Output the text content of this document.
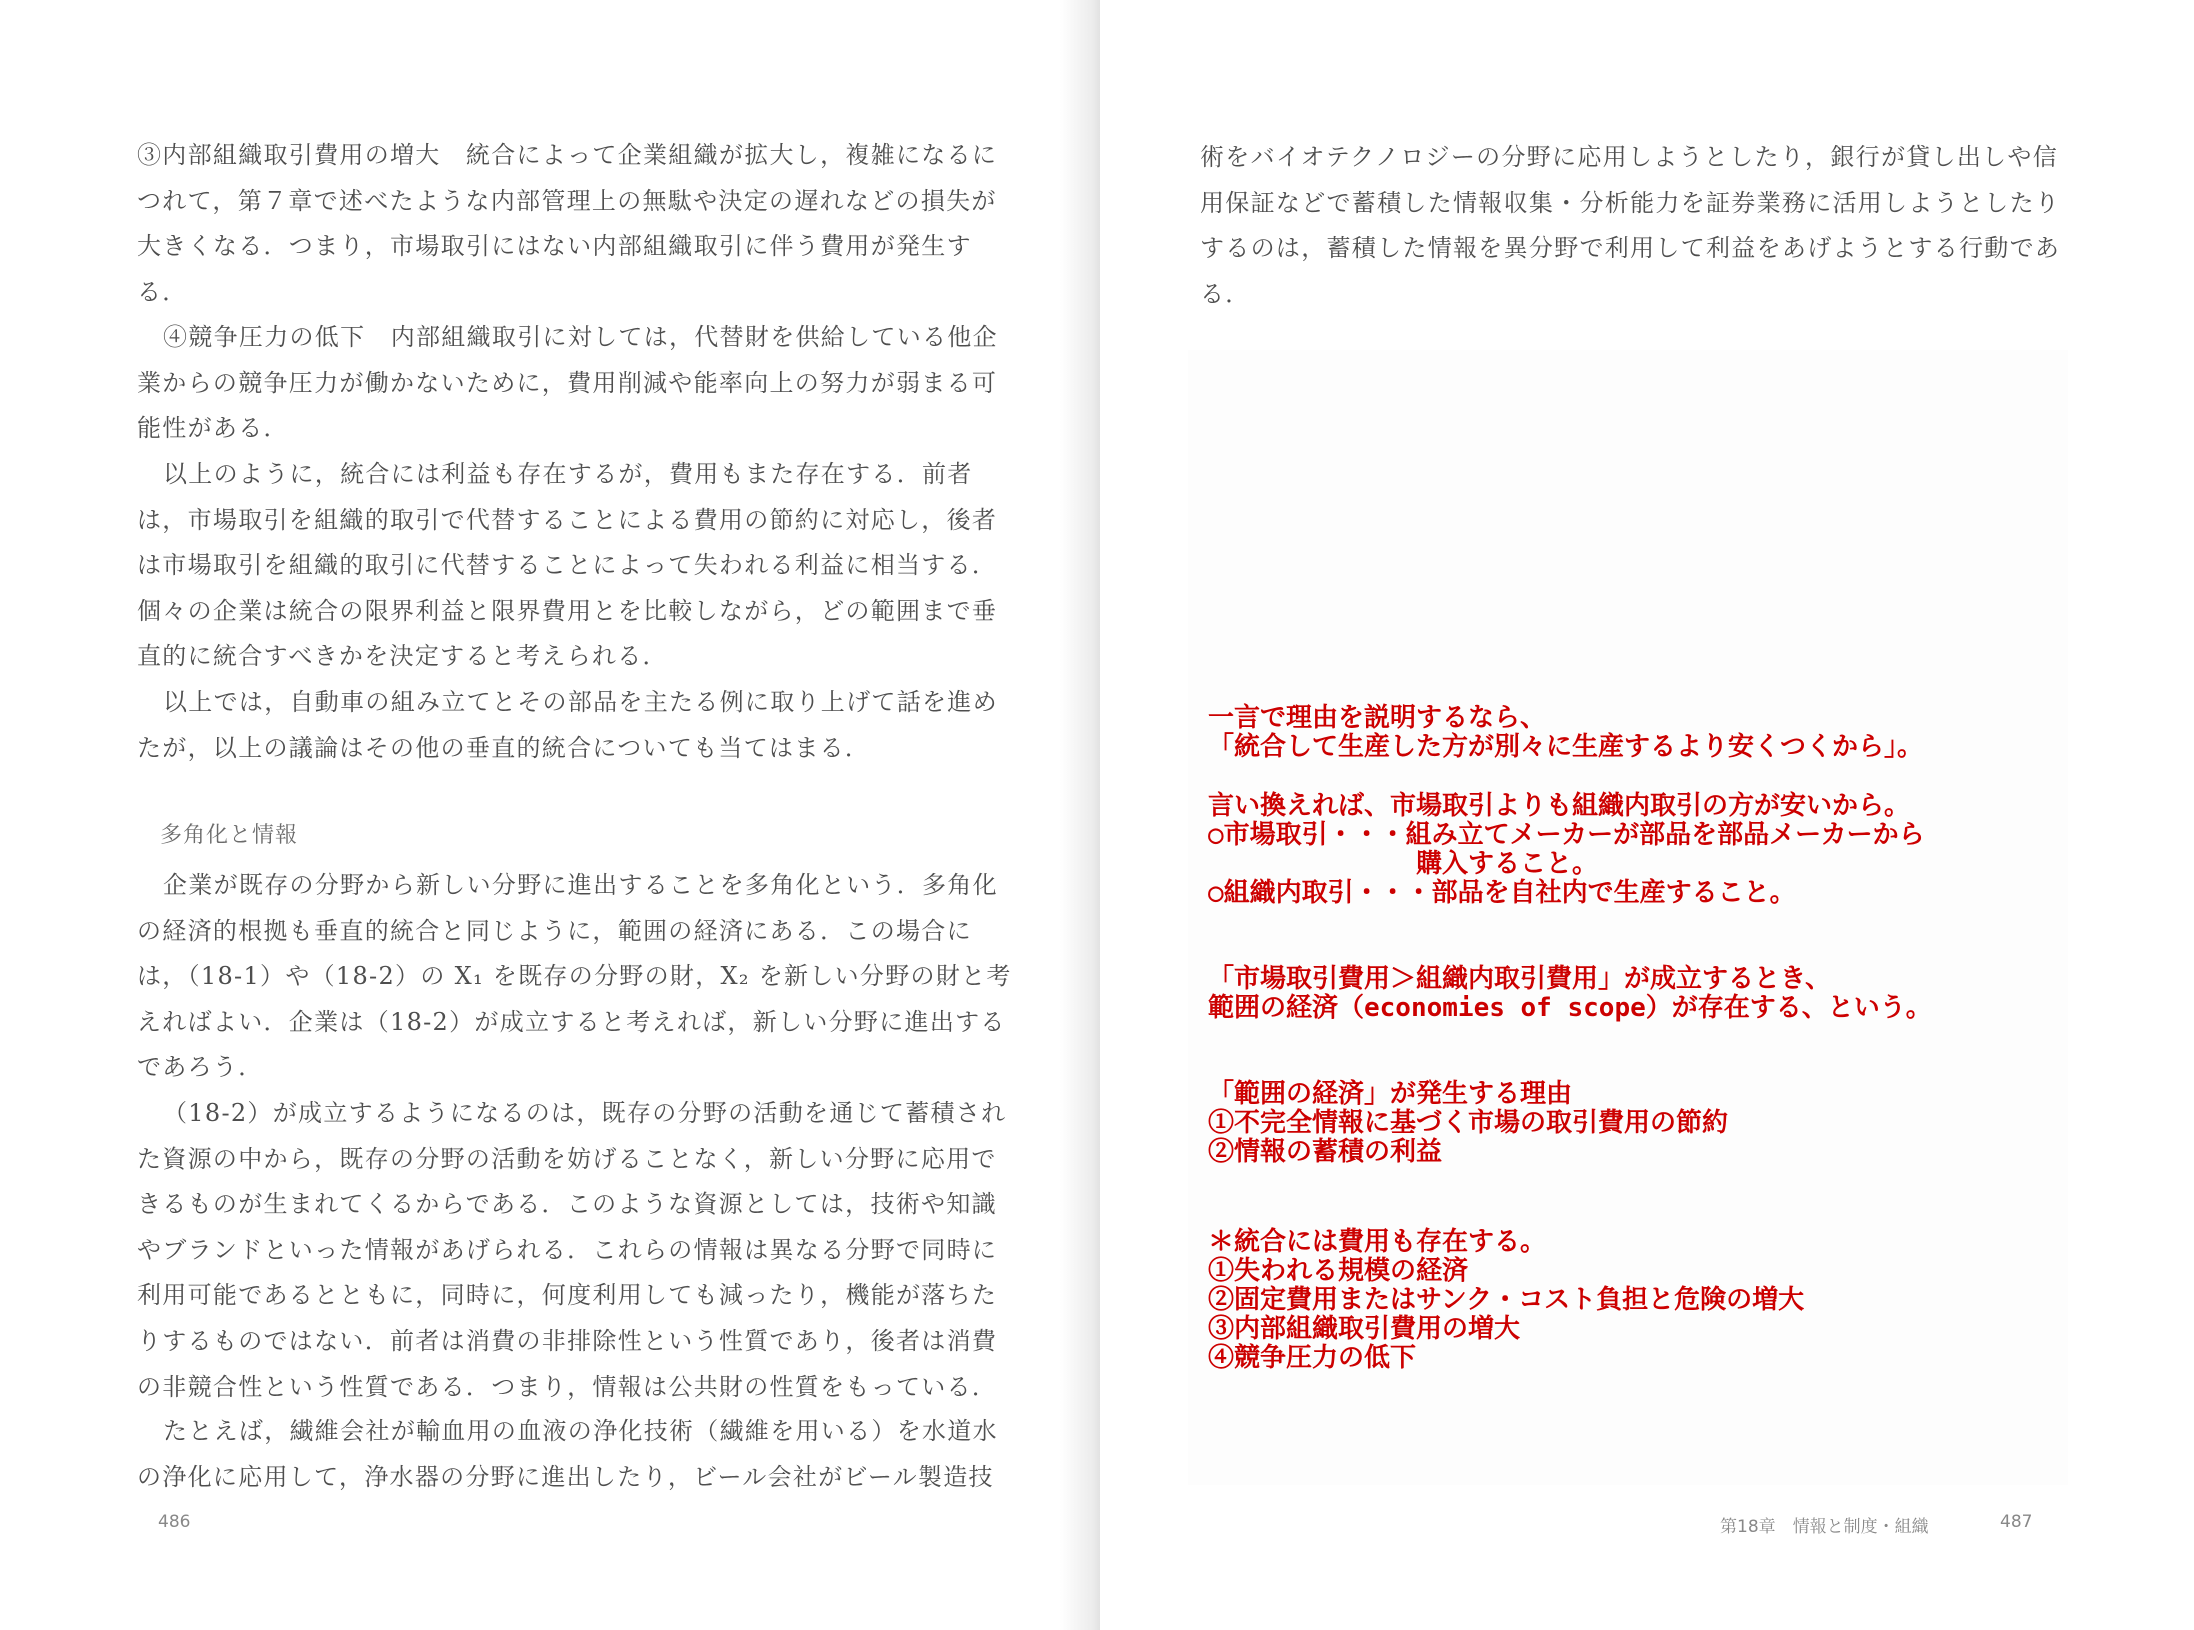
③内部組織取引費用の増大　統合によって企業組織が拡大し，複雑になるに
つれて，第７章で述べたような内部管理上の無駄や決定の遅れなどの損失が
大きくなる．つまり，市場取引にはない内部組織取引に伴う費用が発生す
る．
④競争圧力の低下　内部組織取引に対しては，代替財を供給している他企
業からの競争圧力が働かないために，費用削減や能率向上の努力が弱まる可
能性がある．
以上のように，統合には利益も存在するが，費用もまた存在する．前者
は，市場取引を組織的取引で代替することによる費用の節約に対応し，後者
は市場取引を組織的取引に代替することによって失われる利益に相当する．
個々の企業は統合の限界利益と限界費用とを比較しながら，どの範囲まで垂
直的に統合すべきかを決定すると考えられる．
以上では，自動車の組み立てとその部品を主たる例に取り上げて話を進め
たが，以上の議論はその他の垂直的統合についても当てはまる．
多角化と情報
企業が既存の分野から新しい分野に進出することを多角化という．多角化
の経済的根拠も垂直的統合と同じように，範囲の経済にある．この場合に
は，（18-1）や（18-2）の X₁ を既存の分野の財，X₂ を新しい分野の財と考
えればよい．企業は（18-2）が成立すると考えれば，新しい分野に進出する
であろう．
（18-2）が成立するようになるのは，既存の分野の活動を通じて蓄積され
た資源の中から，既存の分野の活動を妨げることなく，新しい分野に応用で
きるものが生まれてくるからである．このような資源としては，技術や知識
やブランドといった情報があげられる．これらの情報は異なる分野で同時に
利用可能であるとともに，同時に，何度利用しても減ったり，機能が落ちた
りするものではない．前者は消費の非排除性という性質であり，後者は消費
の非競合性という性質である．つまり，情報は公共財の性質をもっている．
たとえば，繊維会社が輸血用の血液の浄化技術（繊維を用いる）を水道水
の浄化に応用して，浄水器の分野に進出したり，ビール会社がビール製造技
486
術をバイオテクノロジーの分野に応用しようとしたり，銀行が貸し出しや信
用保証などで蓄積した情報収集・分析能力を証券業務に活用しようとしたり
するのは，蓄積した情報を異分野で利用して利益をあげようとする行動であ
る．
第18章　情報と制度・組織	487
一言で理由を説明するなら、
「統合して生産した方が別々に生産するより安くつくから」。
言い換えれば、市場取引よりも組織内取引の方が安いから。
○市場取引・・・組み立てメーカーが部品を部品メーカーから
　　　　　　　　購入すること。
○組織内取引・・・部品を自社内で生産すること。
「市場取引費用＞組織内取引費用」が成立するとき、
範囲の経済（economies of scope）が存在する、という。
「範囲の経済」が発生する理由
①不完全情報に基づく市場の取引費用の節約
②情報の蓄積の利益
＊統合には費用も存在する。
①失われる規模の経済
②固定費用またはサンク・コスト負担と危険の増大
③内部組織取引費用の増大
④競争圧力の低下
